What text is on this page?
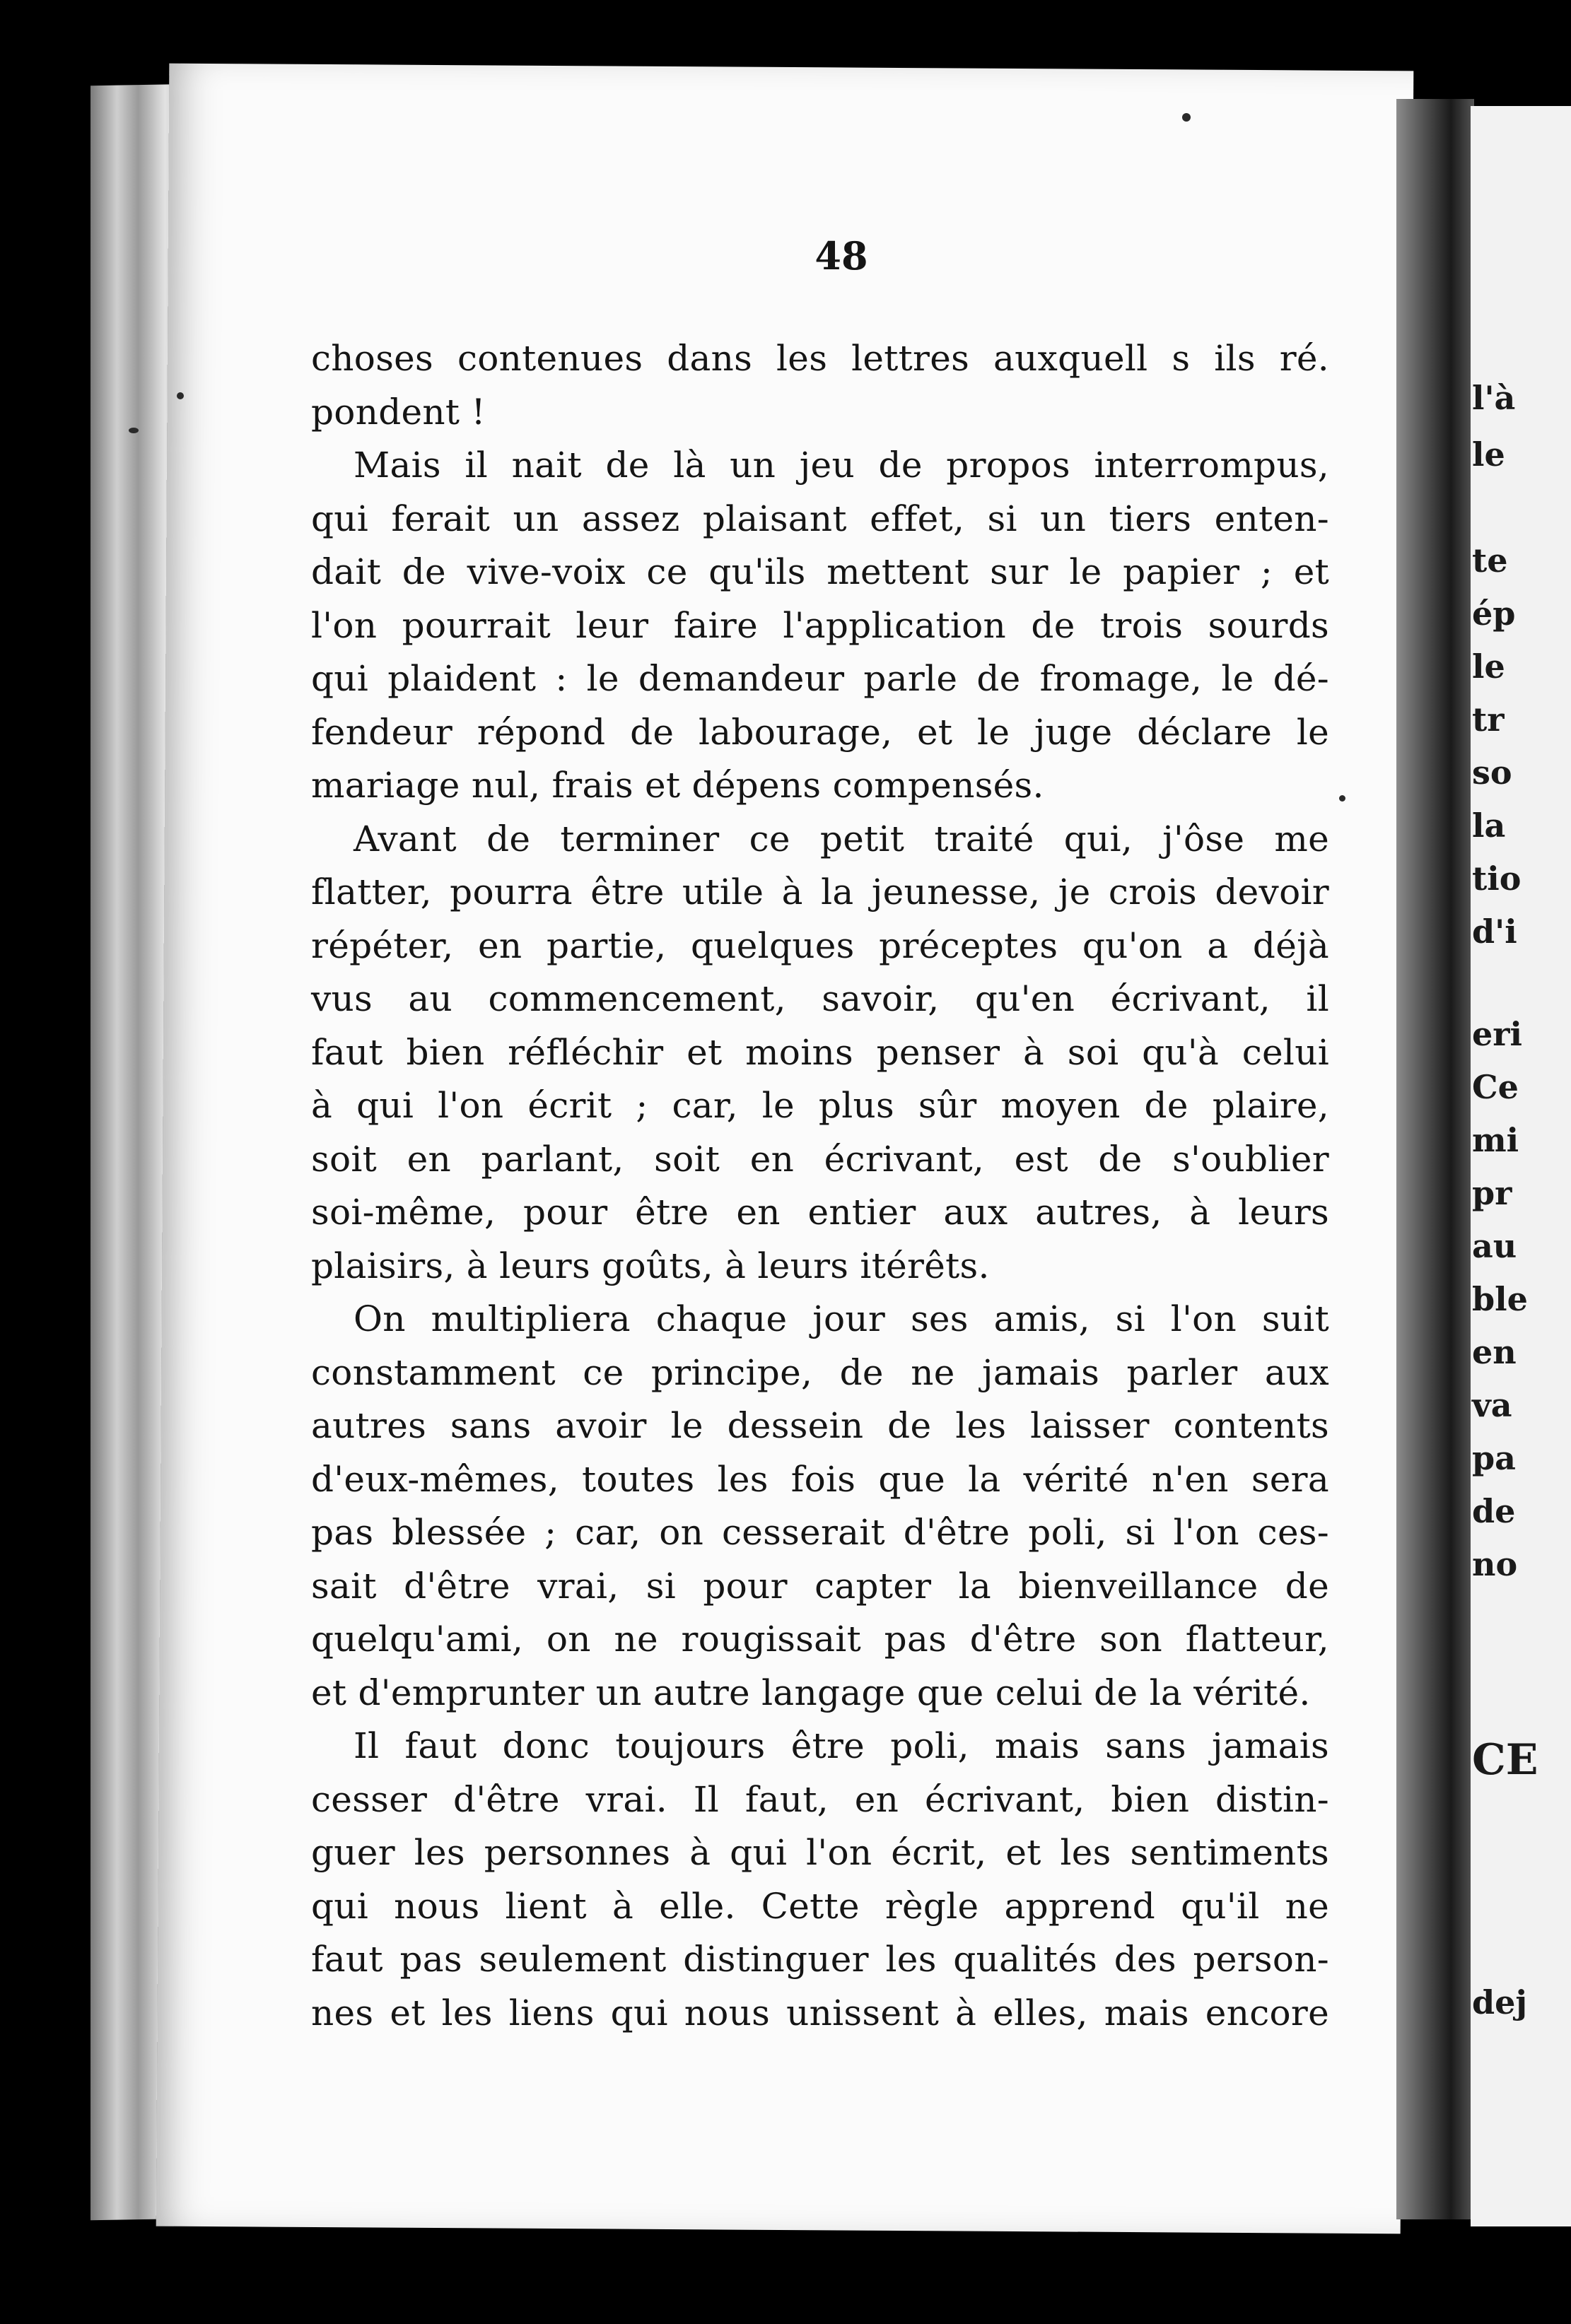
48

choses contenues dans les lettres auxquell s ils ré.
pondent !
Mais il nait de là un jeu de propos interrompus,
qui ferait un assez plaisant effet, si un tiers enten-
dait de vive-voix ce qu'ils mettent sur le papier ; et
l'on pourrait leur faire l'application de trois sourds
qui plaident : le demandeur parle de fromage, le dé-
fendeur répond de labourage, et le juge déclare le
mariage nul, frais et dépens compensés.
Avant de terminer ce petit traité qui, j'ôse me
flatter, pourra être utile à la jeunesse, je crois devoir
répéter, en partie, quelques préceptes qu'on a déjà
vus au commencement, savoir, qu'en écrivant, il
faut bien réfléchir et moins penser à soi qu'à celui
à qui l'on écrit ; car, le plus sûr moyen de plaire,
soit en parlant, soit en écrivant, est de s'oublier
soi-même, pour être en entier aux autres, à leurs
plaisirs, à leurs goûts, à leurs itérêts.
On multipliera chaque jour ses amis, si l'on suit
constamment ce principe, de ne jamais parler aux
autres sans avoir le dessein de les laisser contents
d'eux-mêmes, toutes les fois que la vérité n'en sera
pas blessée ; car, on cesserait d'être poli, si l'on ces-
sait d'être vrai, si pour capter la bienveillance de
quelqu'ami, on ne rougissait pas d'être son flatteur,
et d'emprunter un autre langage que celui de la vérité.
Il faut donc toujours être poli, mais sans jamais
cesser d'être vrai. Il faut, en écrivant, bien distin-
guer les personnes à qui l'on écrit, et les sentiments
qui nous lient à elle. Cette règle apprend qu'il ne
faut pas seulement distinguer les qualités des person-
nes et les liens qui nous unissent à elles, mais encore

l'à

le

te

ép

le

tr

so

la

tio

d'i

eri

Ce

mi

pr

au

ble

en

va

pa

de

no

CE

dej
